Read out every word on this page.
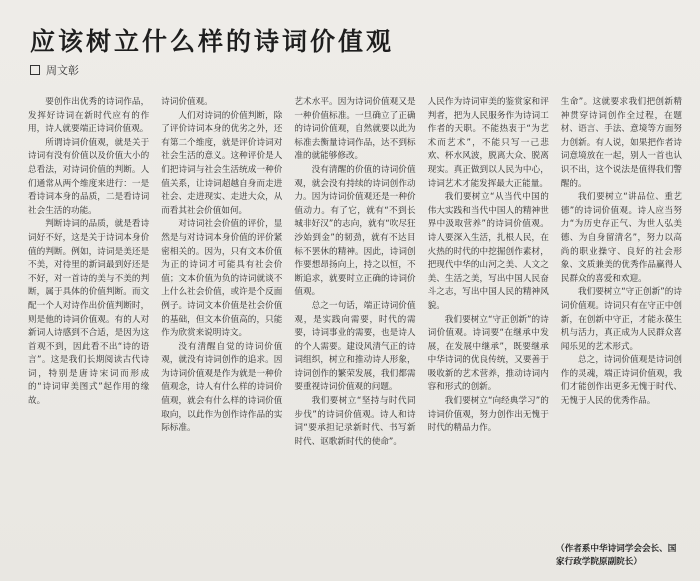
应该树立什么样的诗词价值观
周文彰

要创作出优秀的诗词作品，发挥好诗词在新时代应有的作用，诗人就要端正诗词价值观。

所谓诗词价值观，就是关于诗词有没有价值以及价值大小的总看法，对诗词价值的判断。人们通常从两个维度来进行：一是看诗词本身的品质，二是看诗词社会生活的功能。

判断诗词的品质，就是看诗词好不好，这是关于诗词本身价值的判断。例如，诗词是美还是不美，对待里的新词最到好还是不好，对一首诗的美与不美的判断，属于具体的价值判断。而文配一个人对诗作出价值判断时，则是他的诗词价值观。有的人对新词人诗感到不合适，是因为这首观不到，因此看不出“诗的语言”。这是我们长期阅读古代诗词，特别是唐诗宋词而形成的“诗词审美图式”起作用的缘故。

诗词价值观。

人们对诗词的价值判断，除了评价诗词本身的优劣之外，还有第二个维度，就是评价诗词对社会生活的意义。这种评价是人们把诗词与社会生活统成一种价值关系，让诗词超越自身而走进社会、走进现实、走进大众，从而看其社会价值如何。

对诗词社会价值的评价，显然是与对诗词本身价值的评价紧密相关的。因为，只有文本价值为正的诗词才可能具有社会价值；文本价值为负的诗词就谈不上什么社会价值，或许是个反面例子。诗词文本价值是社会价值的基础，但文本价值高的，只能作为欣赏来说明诗文。

没有清醒自觉的诗词价值观，就没有诗词创作的追求。因为诗词价值观是作为就是一种价值观念，诗人有什么样的诗词价值观，就会有什么样的诗词价值取向，以此作为创作诗作品的实际标准。

艺术水平。因为诗词价值观又是一种价值标准。一旦确立了正确的诗词价值观，自然就要以此为标准去衡量诗词作品，达不到标准的就能够修改。

没有清醒的价值的诗词价值观，就会没有持续的诗词创作动力。因为诗词价值观还是一种价值动力。有了它，就有“不到长城非好汉”的志向，就有“吹尽狂沙始到金”的韧劲，就有不达目标不罢休的精神。因此，诗词创作要想昂扬向上，持之以恒，不断追求，就要时立正确的诗词价值观。

总之一句话，端正诗词价值观，是实践向需要，时代的需要，诗词事业的需要，也是诗人的个人需要。建设风清气正的诗词组织，树立和推动诗人形象，诗词创作的繁荣发展，我们都需要重视诗词价值观的问题。

我们要树立“坚持与时代同步伐”的诗词价值观。诗人和诗词“要承担记录新时代、书写新时代、讴歌新时代的使命”。

人民作为诗词审美的鉴赏家和评判者，把为人民服务作为诗词工作者的天职。不能热衷于“为艺术而艺术”，不能只写一己悲欢、杯水风波，脱离大众、脱离现实。真正做到以人民为中心，诗词艺术才能发挥最大正能量。

我们要树立“从当代中国的伟大实践和当代中国人的精神世界中汲取营养”的诗词价值观。诗人要深入生活，扎根人民，在火热的时代的中挖掘创作素材，把现代中华的山河之美、人文之美、生活之美，写出中国人民奋斗之志，写出中国人民的精神风貌。

我们要树立“守正创新”的诗词价值观。诗词要“在继承中发展，在发展中继承”，既要继承中华诗词的优良传统，又要善于吸收新的艺术营养，推动诗词内容和形式的创新。

我们要树立“向经典学习”的诗词价值观，努力创作出无愧于时代的精品力作。

生命”。这就要求我们把创新精神贯穿诗词创作全过程，在题材、语言、手法、意境等方面努力创新。有人说，如果把作者诗词意境放在一起，别人一首也认识不出，这个说法是值得我们警醒的。

我们要树立“讲品位、重艺德”的诗词价值观。诗人应当努力“为历史存正气、为世人弘美德、为自身留清名”，努力以高尚的职业操守、良好的社会形象、文质兼美的优秀作品赢得人民群众的喜爱和欢迎。

我们要树立“守正创新”的诗词价值观。诗词只有在守正中创新，在创新中守正，才能永葆生机与活力，真正成为人民群众喜闻乐见的艺术形式。

总之，诗词价值观是诗词创作的灵魂，端正诗词价值观，我们才能创作出更多无愧于时代、无愧于人民的优秀作品。

（作者系中华诗词学会会长、国家行政学院原副院长）
